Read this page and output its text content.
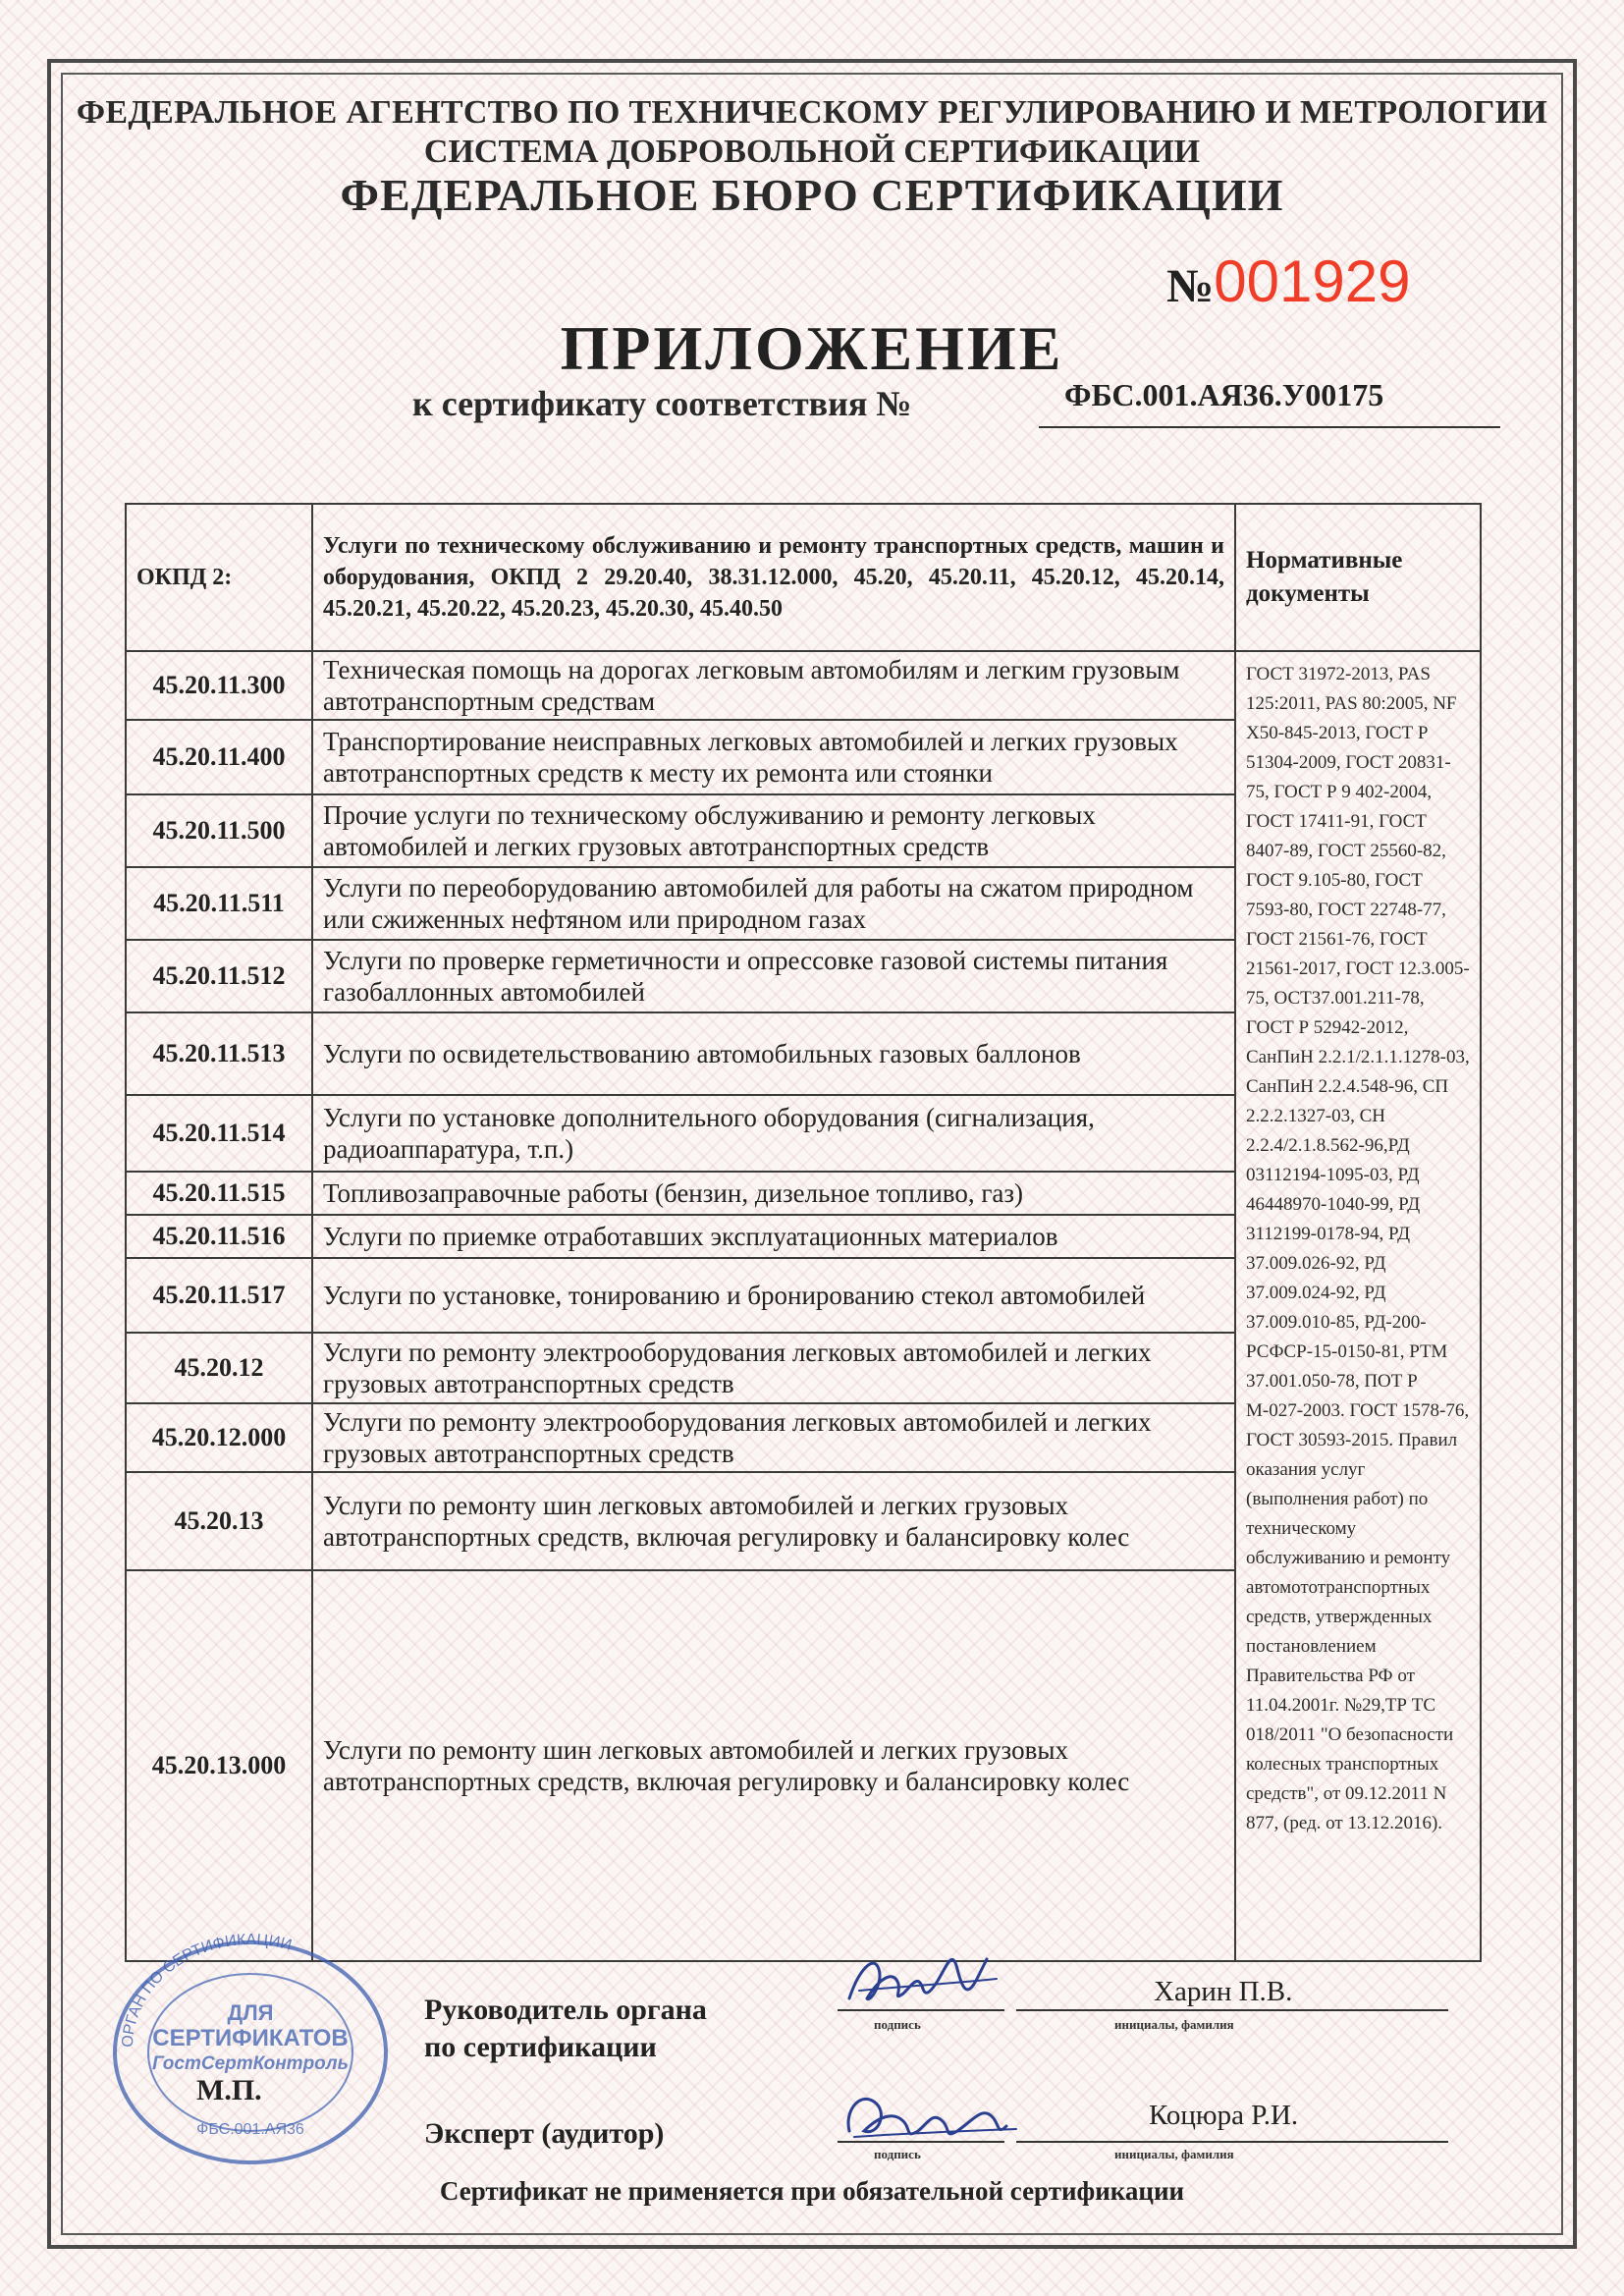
ФЕДЕРАЛЬНОЕ АГЕНТСТВО ПО ТЕХНИЧЕСКОМУ РЕГУЛИРОВАНИЮ И МЕТРОЛОГИИ
СИСТЕМА ДОБРОВОЛЬНОЙ СЕРТИФИКАЦИИ
ФЕДЕРАЛЬНОЕ БЮРО СЕРТИФИКАЦИИ
№001929
ПРИЛОЖЕНИЕ
к сертификату соответствия №	ФБС.001.АЯ36.У00175
ОКПД 2:	Услуги по техническому обслуживанию и ремонту транспортных средств, машин и оборудования, ОКПД 2 29.20.40, 38.31.12.000, 45.20, 45.20.11, 45.20.12, 45.20.14, 45.20.21, 45.20.22, 45.20.23, 45.20.30, 45.40.50	Нормативные документы
45.20.11.300	Техническая помощь на дорогах легковым автомобилям и легким грузовым автотранспортным средствам	ГОСТ 31972-2013, PAS 125:2011, PAS 80:2005, NF X50-845-2013, ГОСТ Р 51304-2009, ГОСТ 20831-75, ГОСТ Р 9 402-2004, ГОСТ 17411-91, ГОСТ 8407-89, ГОСТ 25560-82, ГОСТ 9.105-80, ГОСТ 7593-80, ГОСТ 22748-77, ГОСТ 21561-76, ГОСТ 21561-2017, ГОСТ 12.3.005-75, ОСТ37.001.211-78, ГОСТ Р 52942-2012, СанПиН 2.2.1/2.1.1.1278-03, СанПиН 2.2.4.548-96, СП 2.2.2.1327-03, СН 2.2.4/2.1.8.562-96,РД 03112194-1095-03, РД 46448970-1040-99, РД 3112199-0178-94, РД 37.009.026-92, РД 37.009.024-92, РД 37.009.010-85, РД-200-РСФСР-15-0150-81, РТМ 37.001.050-78, ПОТ Р М-027-2003. ГОСТ 1578-76, ГОСТ 30593-2015. Правил оказания услуг (выполнения работ) по техническому обслуживанию и ремонту автомототранспортных средств, утвержденных постановлением Правительства РФ от 11.04.2001г. №29,ТР ТС 018/2011 "О безопасности колесных транспортных средств", от 09.12.2011 N 877, (ред. от 13.12.2016).
45.20.11.400	Транспортирование неисправных легковых автомобилей и легких грузовых автотранспортных средств к месту их ремонта или стоянки	
45.20.11.500	Прочие услуги по техническому обслуживанию и ремонту легковых автомобилей и легких грузовых автотранспортных средств	
45.20.11.511	Услуги по переоборудованию автомобилей для работы на сжатом природном или сжиженных нефтяном или природном газах	
45.20.11.512	Услуги по проверке герметичности и опрессовке газовой системы питания газобаллонных автомобилей	
45.20.11.513	Услуги по освидетельствованию автомобильных газовых баллонов	
45.20.11.514	Услуги по установке дополнительного оборудования (сигнализация, радиоаппаратура, т.п.)	
45.20.11.515	Топливозаправочные работы (бензин, дизельное топливо, газ)	
45.20.11.516	Услуги по приемке отработавших эксплуатационных материалов	
45.20.11.517	Услуги по установке, тонированию и бронированию стекол автомобилей	
45.20.12	Услуги по ремонту электрооборудования легковых автомобилей и легких грузовых автотранспортных средств	
45.20.12.000	Услуги по ремонту электрооборудования легковых автомобилей и легких грузовых автотранспортных средств	
45.20.13	Услуги по ремонту шин легковых автомобилей и легких грузовых автотранспортных средств, включая регулировку и балансировку колес	
45.20.13.000	Услуги по ремонту шин легковых автомобилей и легких грузовых автотранспортных средств, включая регулировку и балансировку колес	
ОРГАН ПО СЕРТИФИКАЦИИ
ДЛЯ
СЕРТИФИКАТОВ
ГостСертКонтроль
ФБС.001.АЯ36
М.П.
Руководитель органа
по сертификации
подпись
Харин П.В.
инициалы, фамилия
Эксперт (аудитор)
подпись
Коцюра Р.И.
инициалы, фамилия
Сертификат не применяется при обязательной сертификации
